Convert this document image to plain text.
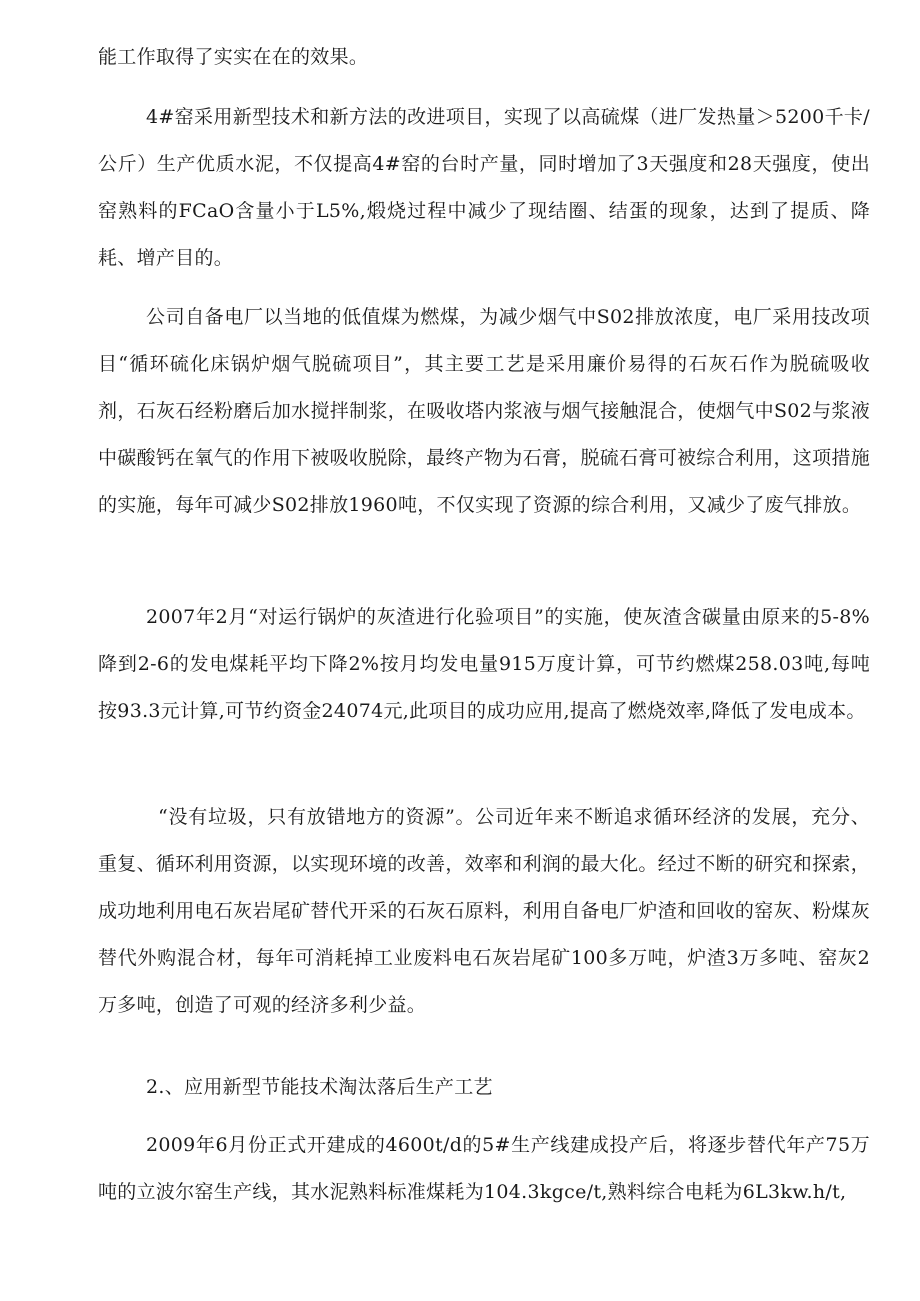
能工作取得了实实在在的效果。

4#窑采用新型技术和新方法的改进项目，实现了以高硫煤（进厂发热量＞5200千卡/公斤）生产优质水泥，不仅提高4#窑的台时产量，同时增加了3天强度和28天强度，使出窑熟料的FCaO含量小于L5%,煅烧过程中减少了现结圈、结蛋的现象，达到了提质、降耗、增产目的。

公司自备电厂以当地的低值煤为燃煤，为减少烟气中S02排放浓度，电厂采用技改项目“循环硫化床锅炉烟气脱硫项目”，其主要工艺是采用廉价易得的石灰石作为脱硫吸收剂，石灰石经粉磨后加水搅拌制浆，在吸收塔内浆液与烟气接触混合，使烟气中S02与浆液中碳酸钙在氧气的作用下被吸收脱除，最终产物为石膏，脱硫石膏可被综合利用，这项措施的实施，每年可减少S02排放1960吨，不仅实现了资源的综合利用，又减少了废气排放。

2007年2月“对运行锅炉的灰渣进行化验项目”的实施，使灰渣含碳量由原来的5-8%降到2-6的发电煤耗平均下降2%按月均发电量915万度计算，可节约燃煤258.03吨,每吨按93.3元计算,可节约资金24074元,此项目的成功应用,提高了燃烧效率,降低了发电成本。

“没有垃圾，只有放错地方的资源”。公司近年来不断追求循环经济的发展，充分、重复、循环利用资源，以实现环境的改善，效率和利润的最大化。经过不断的研究和探索，成功地利用电石灰岩尾矿替代开采的石灰石原料，利用自备电厂炉渣和回收的窑灰、粉煤灰替代外购混合材，每年可消耗掉工业废料电石灰岩尾矿100多万吨，炉渣3万多吨、窑灰2万多吨，创造了可观的经济多利少益。

2.、应用新型节能技术淘汰落后生产工艺

2009年6月份正式开建成的4600t/d的5#生产线建成投产后，将逐步替代年产75万吨的立波尔窑生产线，其水泥熟料标准煤耗为104.3kgce/t,熟料综合电耗为6L3kw.h/t,
